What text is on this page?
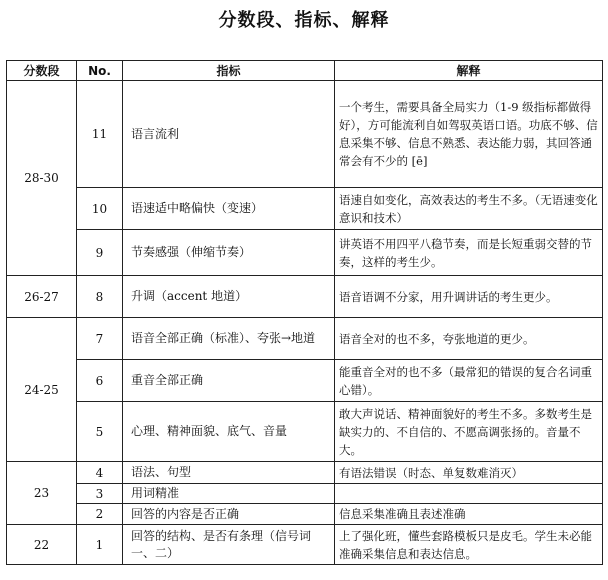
分数段、指标、解释
分数段	No.	指标	解释
28-30	11	语言流利	一个考生，需要具备全局实力（1-9 级指标都做得好），方可能流利自如驾驭英语口语。功底不够、信息采集不够、信息不熟悉、表达能力弱，其回答通常会有不少的 [ē]
	10	语速适中略偏快（变速）	语速自如变化，高效表达的考生不多。（无语速变化意识和技术）
	9	节奏感强（伸缩节奏）	讲英语不用四平八稳节奏，而是长短重弱交替的节奏，这样的考生少。
26-27	8	升调（accent 地道）	语音语调不分家，用升调讲话的考生更少。
24-25	7	语音全部正确（标准）、夸张→地道	语音全对的也不多，夸张地道的更少。
	6	重音全部正确	能重音全对的也不多（最常犯的错误的复合名词重心错）。
	5	心理、精神面貌、底气、音量	敢大声说话、精神面貌好的考生不多。多数考生是缺实力的、不自信的、不愿高调张扬的。音量不大。
23	4	语法、句型	有语法错误（时态、单复数难消灭）
	3	用词精准	
	2	回答的内容是否正确	信息采集准确且表述准确
22	1	回答的结构、是否有条理（信号词　一、二）	上了强化班，懂些套路模板只是皮毛。学生未必能准确采集信息和表达信息。
